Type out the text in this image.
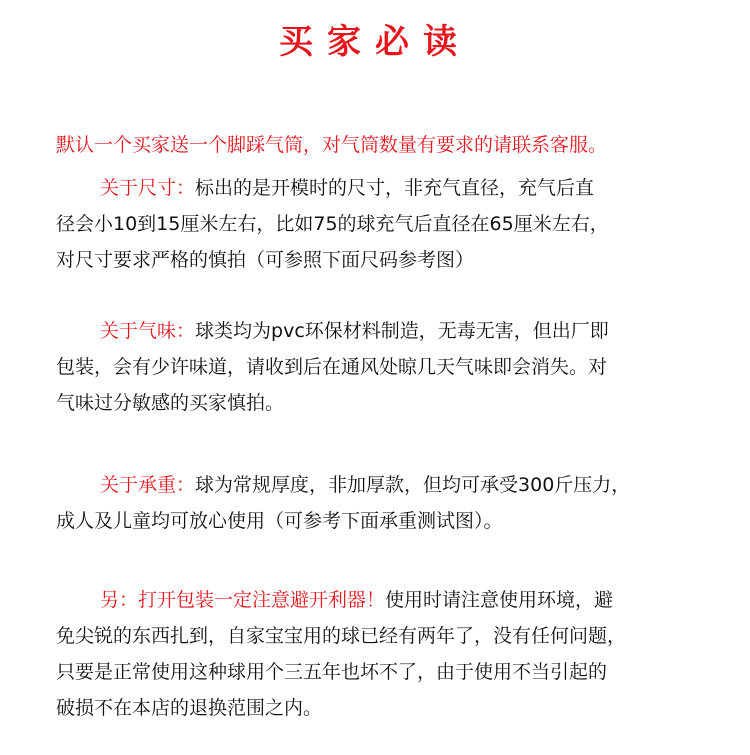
买家必读
默认一个买家送一个脚踩气筒，对气筒数量有要求的请联系客服。
关于尺寸：标出的是开模时的尺寸，非充气直径，充气后直
径会小10到15厘米左右，比如75的球充气后直径在65厘米左右，
对尺寸要求严格的慎拍（可参照下面尺码参考图）
关于气味：球类均为pvc环保材料制造，无毒无害，但出厂即
包装，会有少许味道，请收到后在通风处晾几天气味即会消失。对
气味过分敏感的买家慎拍。
关于承重：球为常规厚度，非加厚款，但均可承受300斤压力，
成人及儿童均可放心使用（可参考下面承重测试图）。
另：打开包装一定注意避开利器！使用时请注意使用环境，避
免尖锐的东西扎到，自家宝宝用的球已经有两年了，没有任何问题，
只要是正常使用这种球用个三五年也坏不了，由于使用不当引起的
破损不在本店的退换范围之内。
